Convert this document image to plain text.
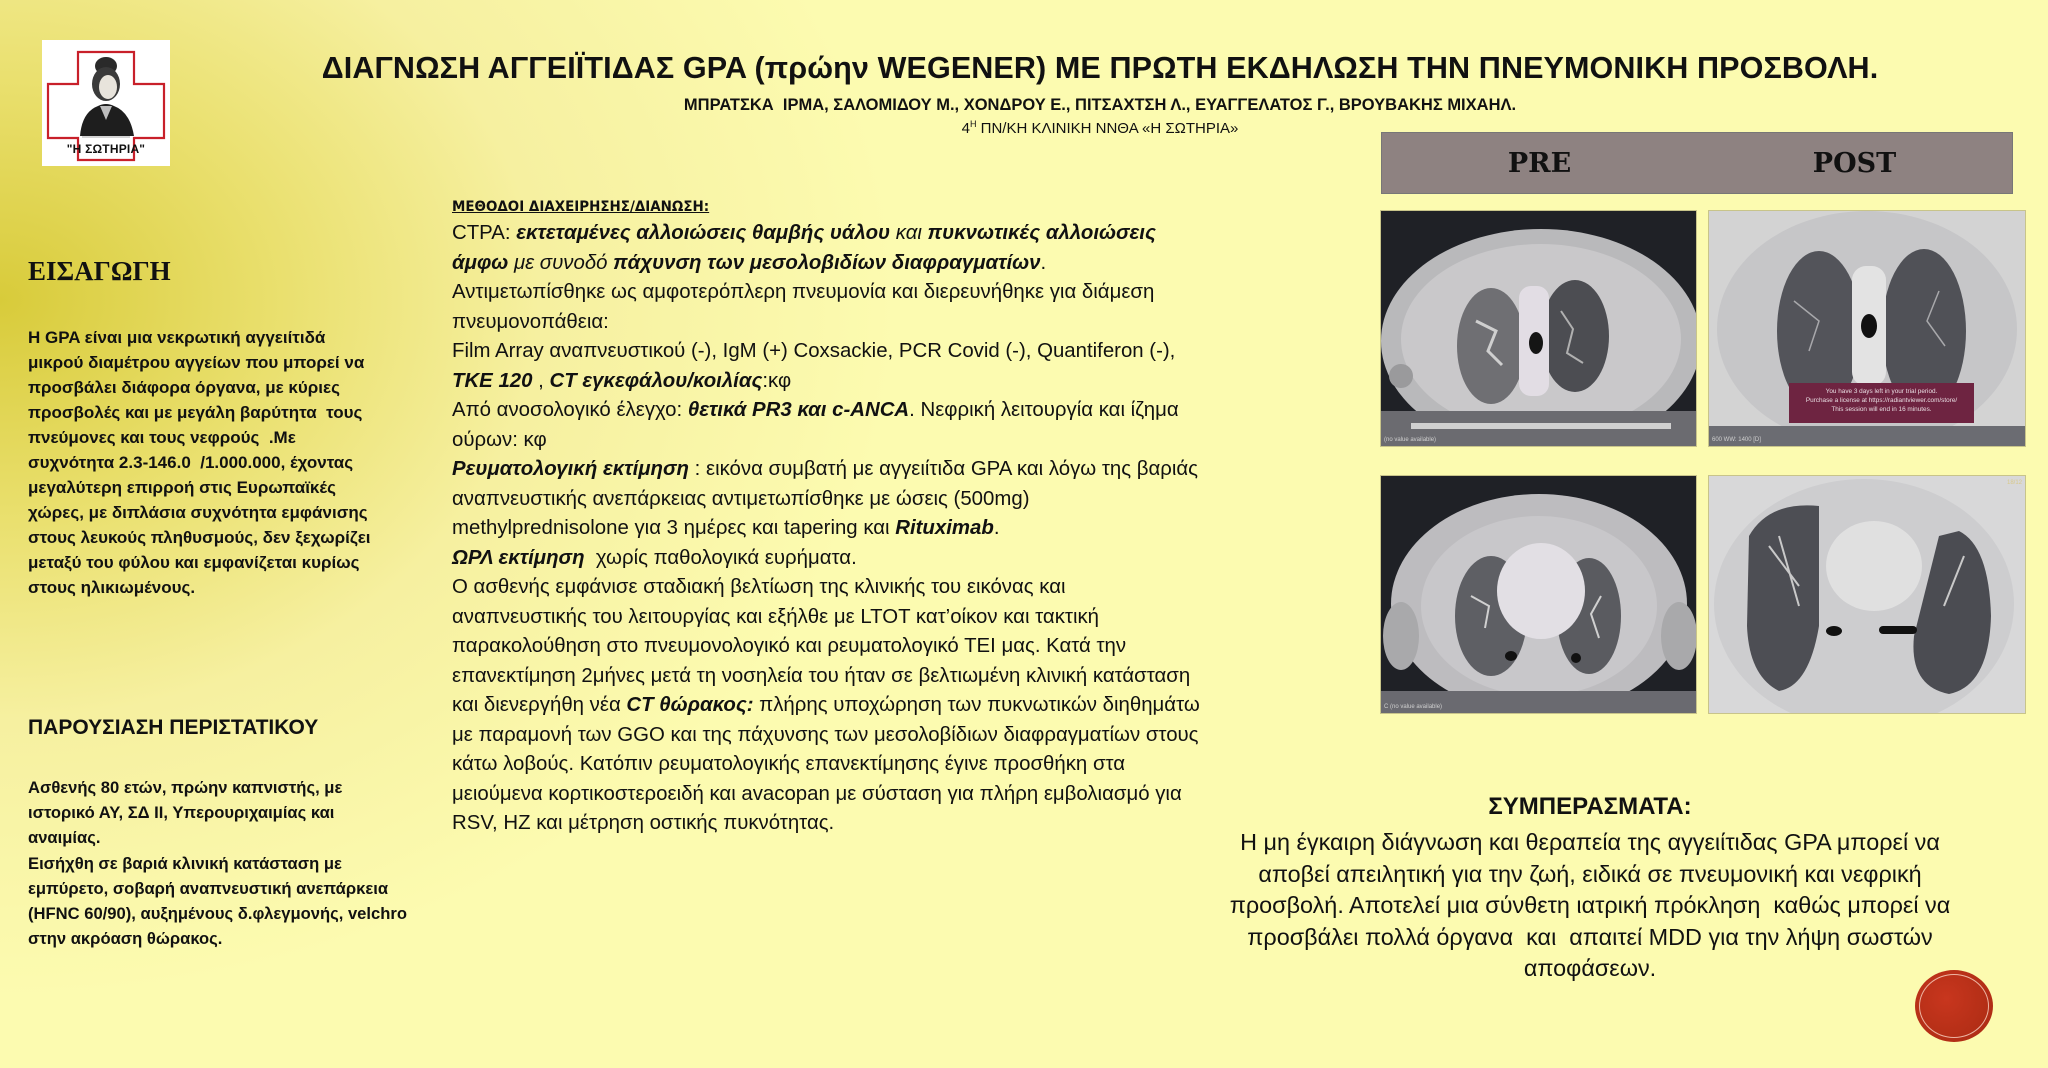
"Η ΣΩΤΗΡΙΑ"
ΔΙΑΓΝΩΣΗ ΑΓΓΕΙΪΤΙΔΑΣ GPA (πρώην WEGENER) ΜΕ ΠΡΩΤΗ ΕΚΔΗΛΩΣΗ ΤΗΝ ΠΝΕΥΜΟΝΙΚΗ ΠΡΟΣΒΟΛΗ.
ΜΠΡΑΤΣΚΑ  ΙΡΜΑ, ΣΑΛΟΜΙΔΟΥ Μ., ΧΟΝΔΡΟΥ Ε., ΠΙΤΣΑΧΤΣΗ Λ., ΕΥΑΓΓΕΛΑΤΟΣ Γ., ΒΡΟΥΒΑΚΗΣ ΜΙΧΑΗΛ.
$4^H$ ΠΝ/ΚΗ ΚΛΙΝΙΚΗ ΝΝΘΑ «Η ΣΩΤΗΡΙΑ»
PRE	POST
(no value available)
You have 3 days left in your trial period.
Purchase a license at https://radiantviewer.com/store/
This session will end in 16 minutes.
600 WW: 1400 [D]
C (no value available)
18/12
ΕΙΣΑΓΩΓΗ
Η GPA είναι μια νεκρωτική αγγειίτιδά
μικρού διαμέτρου αγγείων που μπορεί να
προσβάλει διάφορα όργανα, με κύριες
προσβολές και με μεγάλη βαρύτητα  τους
πνεύμονες και τους νεφρούς  .Με
συχνότητα 2.3-146.0  /1.000.000, έχοντας
μεγαλύτερη επιρροή στις Ευρωπαϊκές
χώρες, με διπλάσια συχνότητα εμφάνισης
στους λευκούς πληθυσμούς, δεν ξεχωρίζει
μεταξύ του φύλου και εμφανίζεται κυρίως
στους ηλικιωμένους.
ΠΑΡΟΥΣΙΑΣΗ ΠΕΡΙΣΤΑΤΙΚΟΥ
Ασθενής 80 ετών, πρώην καπνιστής, με
ιστορικό ΑΥ, ΣΔ ΙΙ, Υπερουριχαιμίας και
αναιμίας.
Εισήχθη σε βαριά κλινική κατάσταση με
εμπύρετο, σοβαρή αναπνευστική ανεπάρκεια
(HFNC 60/90), αυξημένους δ.φλεγμονής, velchro
στην ακρόαση θώρακος.
ΜΕΘΟΔΟΙ ΔΙΑΧΕΙΡΗΣΗΣ/ΔΙΑΝΩΣΗ:
CTPA: εκτεταμένες αλλοιώσεις θαμβής υάλου και πυκνωτικές αλλοιώσεις
άμφω με συνοδό πάχυνση των μεσολοβιδίων διαφραγματίων.
Αντιμετωπίσθηκε ως αμφοτερόπλερη πνευμονία και διερευνήθηκε για διάμεση
πνευμονοπάθεια:
Film Array αναπνευστικού (-), IgM (+) Coxsackie, PCR Covid (-), Quantiferon (-),
ΤΚΕ 120 , CT εγκεφάλου/κοιλίας:κφ
Από ανοσολογικό έλεγχο: θετικά PR3 και c-ANCA. Νεφρική λειτουργία και ίζημα
ούρων: κφ
Ρευματολογική εκτίμηση : εικόνα συμβατή με αγγειίτιδα GPA και λόγω της βαριάς
αναπνευστικής ανεπάρκειας αντιμετωπίσθηκε με ώσεις (500mg)
methylprednisolone για 3 ημέρες και tapering και Rituximab.
ΩΡΛ εκτίμηση  χωρίς παθολογικά ευρήματα.
Ο ασθενής εμφάνισε σταδιακή βελτίωση της κλινικής του εικόνας και
αναπνευστικής του λειτουργίας και εξήλθε με LTOT κατ’οίκον και τακτική
παρακολούθηση στο πνευμονολογικό και ρευματολογικό ΤΕΙ μας. Κατά την
επανεκτίμηση 2μήνες μετά τη νοσηλεία του ήταν σε βελτιωμένη κλινική κατάσταση
και διενεργήθη νέα CT θώρακος: πλήρης υποχώρηση των πυκνωτικών διηθημάτω
με παραμονή των GGO και της πάχυνσης των μεσολοβίδιων διαφραγματίων στους
κάτω λοβούς. Κατόπιν ρευματολογικής επανεκτίμησης έγινε προσθήκη στα
μειούμενα κορτικοστεροειδή και avacopan με σύσταση για πλήρη εμβολιασμό για
RSV, HZ και μέτρηση οστικής πυκνότητας.
ΣΥΜΠΕΡΑΣΜΑΤΑ:
Η μη έγκαιρη διάγνωση και θεραπεία της αγγειίτιδας GPA μπορεί να
αποβεί απειλητική για την ζωή, ειδικά σε πνευμονική και νεφρική
προσβολή. Αποτελεί μια σύνθετη ιατρική πρόκληση  καθώς μπορεί να
προσβάλει πολλά όργανα  και  απαιτεί MDD για την λήψη σωστών
αποφάσεων.
